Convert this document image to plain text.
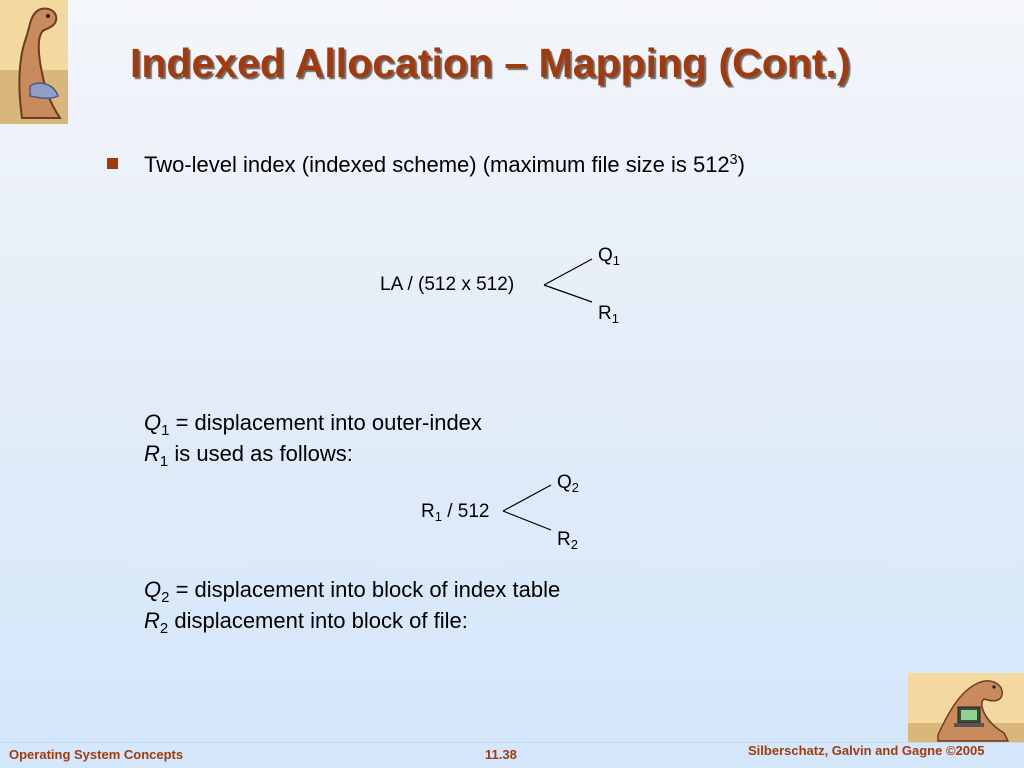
Indexed Allocation – Mapping (Cont.)
Two-level index (indexed scheme) (maximum file size is $512^3$)
LA / (512 x 512)
$Q_1$
$R_1$
$Q_1$ = displacement into outer-index
$R_1$ is used as follows:
$R_1 / 512$
$Q_2$
$R_2$
$Q_2$ = displacement into block of index table
$R_2$ displacement into block of file:
Operating System Concepts	11.38	Silberschatz, Galvin and Gagne ©2005
